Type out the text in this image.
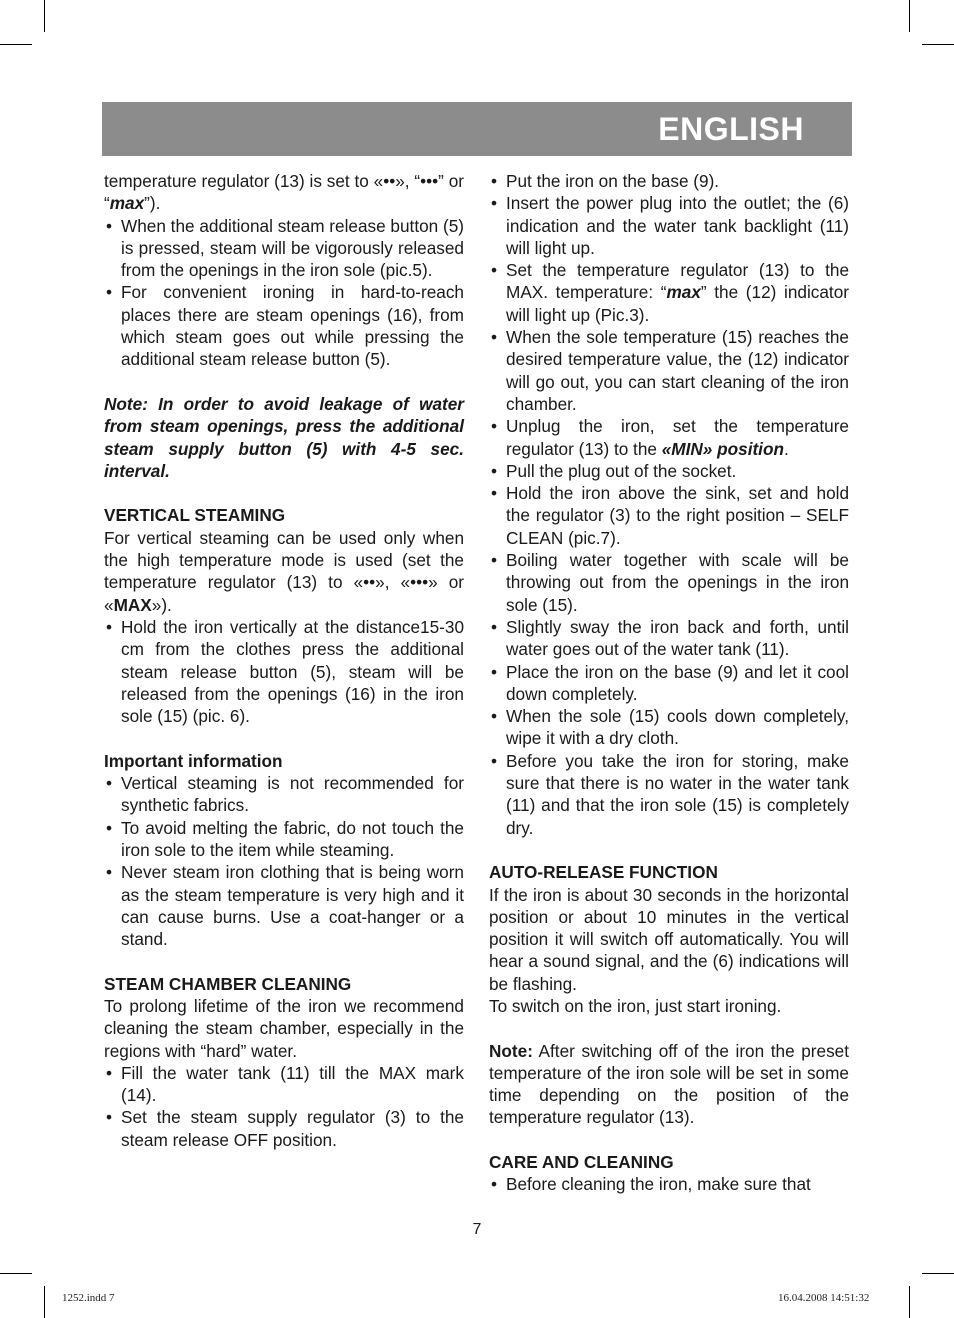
ENGLISH

temperature regulator (13) is set to «••», “•••” or “max”).

• When the additional steam release button (5) is pressed, steam will be vigorously released from the openings in the iron sole (pic.5).
• For convenient ironing in hard-to-reach places there are steam openings (16), from which steam goes out while pressing the additional steam release button (5).

Note: In order to avoid leakage of water from steam openings, press the additional steam supply button (5) with 4-5 sec. interval.

VERTICAL STEAMING

For vertical steaming can be used only when the high temperature mode is used (set the temperature regulator (13) to «••», «•••» or «MAX»).

• Hold the iron vertically at the distance15-30 cm from the clothes press the additional steam release button (5), steam will be released from the openings (16) in the iron sole (15) (pic. 6).

Important information

• Vertical steaming is not recommended for synthetic fabrics.
• To avoid melting the fabric, do not touch the iron sole to the item while steaming.
• Never steam iron clothing that is being worn as the steam temperature is very high and it can cause burns. Use a coat-hanger or a stand.

STEAM CHAMBER CLEANING

To prolong lifetime of the iron we recommend cleaning the steam chamber, especially in the regions with “hard” water.

• Fill the water tank (11) till the MAX mark (14).
• Set the steam supply regulator (3) to the steam release OFF position.
• Put the iron on the base (9).
• Insert the power plug into the outlet; the (6) indication and the water tank backlight (11) will light up.
• Set the temperature regulator (13) to the MAX. temperature: “max” the (12) indicator will light up (Pic.3).
• When the sole temperature (15) reaches the desired temperature value, the (12) indicator will go out, you can start cleaning of the iron chamber.
• Unplug the iron, set the temperature regulator (13) to the «MIN» position.
• Pull the plug out of the socket.
• Hold the iron above the sink, set and hold the regulator (3) to the right position – SELF CLEAN (pic.7).
• Boiling water together with scale will be throwing out from the openings in the iron sole (15).
• Slightly sway the iron back and forth, until water goes out of the water tank (11).
• Place the iron on the base (9) and let it cool down completely.
• When the sole (15) cools down completely, wipe it with a dry cloth.
• Before you take the iron for storing, make sure that there is no water in the water tank (11) and that the iron sole (15) is completely dry.

AUTO-RELEASE FUNCTION

If the iron is about 30 seconds in the horizontal position or about 10 minutes in the vertical position it will switch off automatically. You will hear a sound signal, and the (6) indications will be flashing.

To switch on the iron, just start ironing.

Note: After switching off of the iron the preset temperature of the iron sole will be set in some time depending on the position of the temperature regulator (13).

CARE AND CLEANING

• Before cleaning the iron, make sure that
7
1252.indd 7	16.04.2008 14:51:32
